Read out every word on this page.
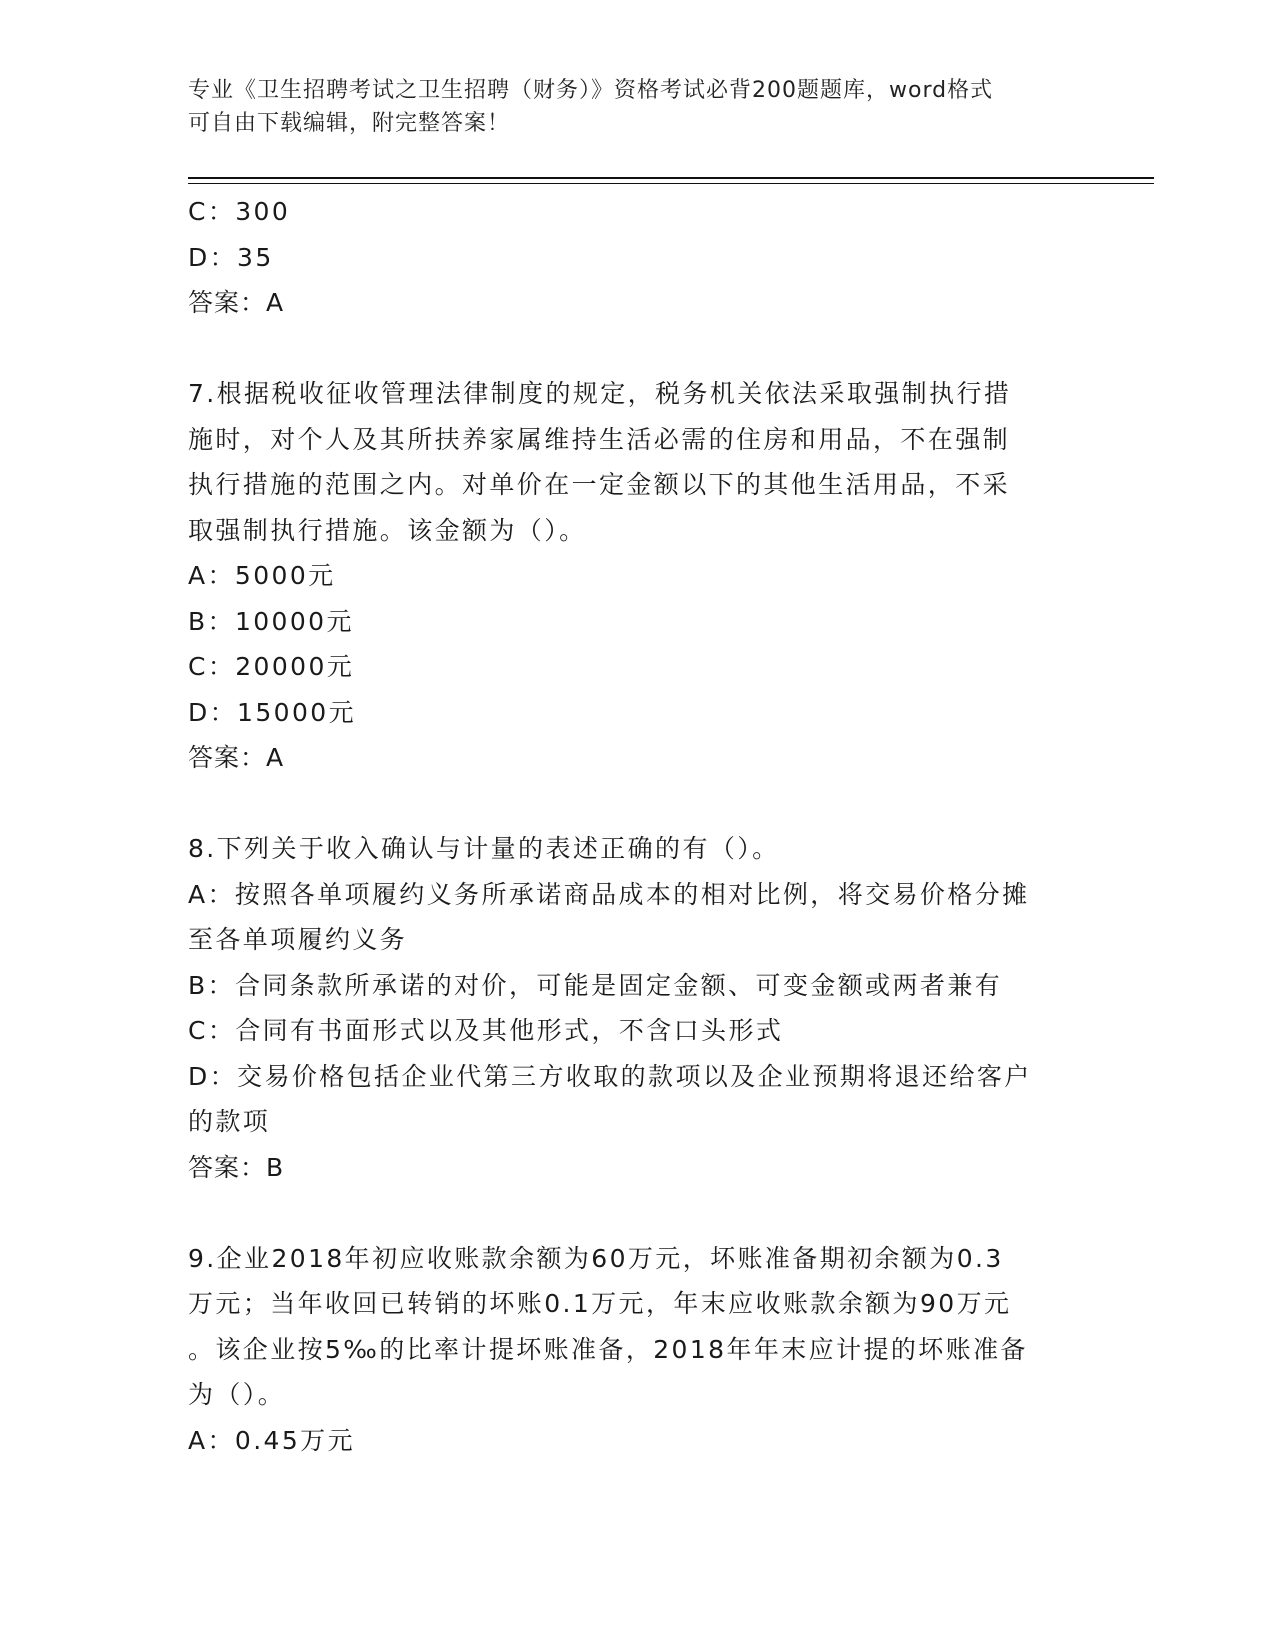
专业《卫生招聘考试之卫生招聘（财务）》资格考试必背200题题库，word格式
可自由下载编辑，附完整答案！

C：300

D：35

答案：A

7.根据税收征收管理法律制度的规定，税务机关依法采取强制执行措

施时，对个人及其所扶养家属维持生活必需的住房和用品，不在强制

执行措施的范围之内。对单价在一定金额以下的其他生活用品，不采

取强制执行措施。该金额为（）。

A：5000元

B：10000元

C：20000元

D：15000元

答案：A

8.下列关于收入确认与计量的表述正确的有（）。

A：按照各单项履约义务所承诺商品成本的相对比例，将交易价格分摊

至各单项履约义务

B：合同条款所承诺的对价，可能是固定金额、可变金额或两者兼有

C：合同有书面形式以及其他形式，不含口头形式

D：交易价格包括企业代第三方收取的款项以及企业预期将退还给客户

的款项

答案：B

9.企业2018年初应收账款余额为60万元，坏账准备期初余额为0.3

万元；当年收回已转销的坏账0.1万元，年末应收账款余额为90万元

。该企业按5‰的比率计提坏账准备，2018年年末应计提的坏账准备

为（）。

A：0.45万元
